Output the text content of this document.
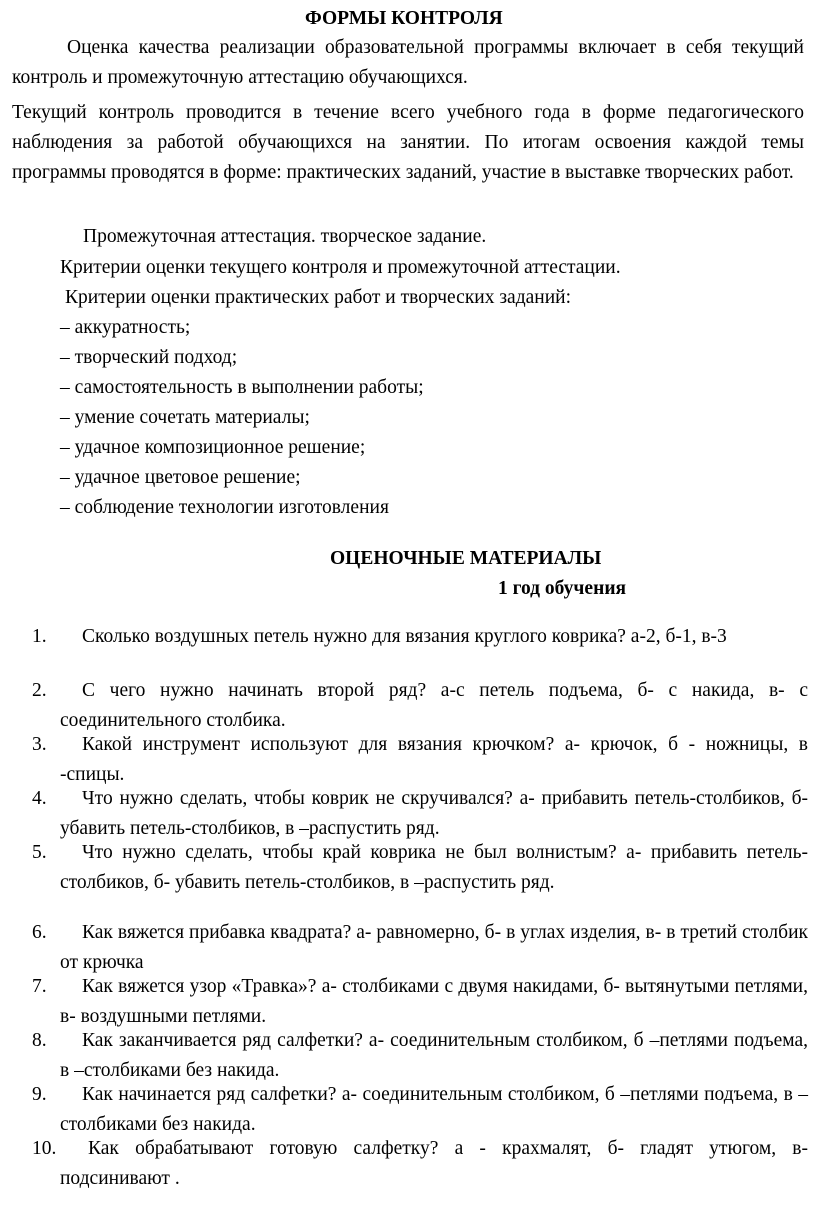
ФОРМЫ КОНТРОЛЯ
Оценка качества реализации образовательной программы включает в себя текущий контроль и промежуточную аттестацию обучающихся.
Текущий контроль проводится в течение всего учебного года в форме педагогического наблюдения за работой обучающихся на занятии. По итогам освоения каждой темы программы проводятся в форме: практических заданий, участие в выставке творческих работ.
Промежуточная аттестация. творческое задание.
Критерии оценки текущего контроля и промежуточной аттестации.
Критерии оценки практических работ и творческих заданий:
– аккуратность;
– творческий подход;
– самостоятельность в выполнении работы;
– умение сочетать материалы;
– удачное композиционное решение;
– удачное цветовое решение;
– соблюдение технологии изготовления
ОЦЕНОЧНЫЕ МАТЕРИАЛЫ
1 год обучения
1.	Сколько воздушных петель нужно для вязания круглого коврика? а-2, б-1, в-3
2.	С чего нужно начинать второй ряд? а-с петель подъема, б- с накида, в- с соединительного столбика.
3.	Какой инструмент используют для вязания крючком? а- крючок, б - ножницы, в -спицы.
4.	Что нужно сделать, чтобы коврик не скручивался? а- прибавить петель-столбиков, б- убавить петель-столбиков, в –распустить ряд.
5.	Что нужно сделать, чтобы край коврика не был волнистым? а- прибавить петель-столбиков, б- убавить петель-столбиков, в –распустить ряд.
6.	Как вяжется прибавка квадрата? а- равномерно, б- в углах изделия, в- в третий столбик от крючка
7.	Как вяжется узор «Травка»? а- столбиками с двумя накидами, б- вытянутыми петлями, в- воздушными петлями.
8.	Как заканчивается ряд салфетки? а- соединительным столбиком, б –петлями подъема, в –столбиками без накида.
9.	Как начинается ряд салфетки? а- соединительным столбиком, б –петлями подъема, в –столбиками без накида.
10.	Как обрабатывают готовую салфетку? а - крахмалят, б- гладят утюгом, в- подсинивают .
